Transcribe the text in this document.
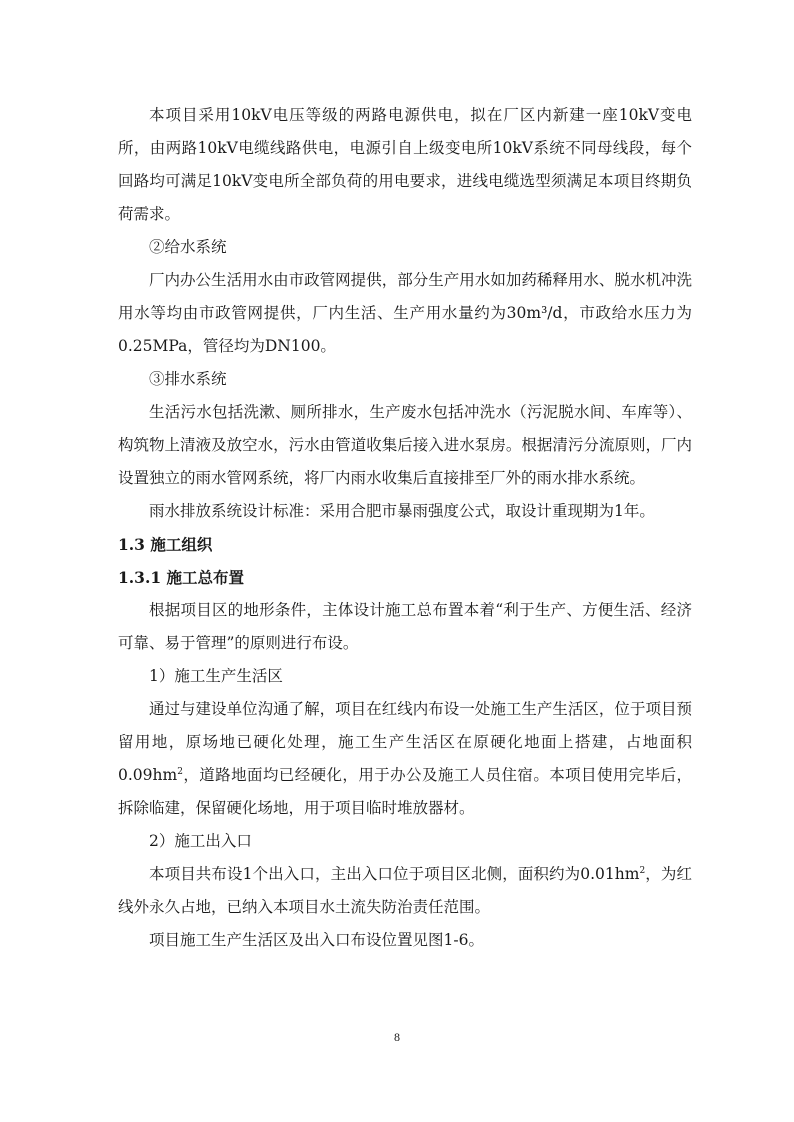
本项目采用10kV电压等级的两路电源供电，拟在厂区内新建一座10kV变电所，由两路10kV电缆线路供电，电源引自上级变电所10kV系统不同母线段，每个回路均可满足10kV变电所全部负荷的用电要求，进线电缆选型须满足本项目终期负荷需求。

②给水系统

厂内办公生活用水由市政管网提供，部分生产用水如加药稀释用水、脱水机冲洗用水等均由市政管网提供，厂内生活、生产用水量约为30m³/d，市政给水压力为0.25MPa，管径均为DN100。

③排水系统

生活污水包括洗漱、厕所排水，生产废水包括冲洗水（污泥脱水间、车库等）、构筑物上清液及放空水，污水由管道收集后接入进水泵房。根据清污分流原则，厂内设置独立的雨水管网系统，将厂内雨水收集后直接排至厂外的雨水排水系统。

雨水排放系统设计标准：采用合肥市暴雨强度公式，取设计重现期为1年。

1.3 施工组织

1.3.1 施工总布置

根据项目区的地形条件，主体设计施工总布置本着“利于生产、方便生活、经济可靠、易于管理”的原则进行布设。

1）施工生产生活区

通过与建设单位沟通了解，项目在红线内布设一处施工生产生活区，位于项目预留用地，原场地已硬化处理，施工生产生活区在原硬化地面上搭建，占地面积$0.09hm^2$，道路地面均已经硬化，用于办公及施工人员住宿。本项目使用完毕后，拆除临建，保留硬化场地，用于项目临时堆放器材。

2）施工出入口

本项目共布设1个出入口，主出入口位于项目区北侧，面积约为$0.01hm^2$，为红线外永久占地，已纳入本项目水土流失防治责任范围。

项目施工生产生活区及出入口布设位置见图1-6。

8
